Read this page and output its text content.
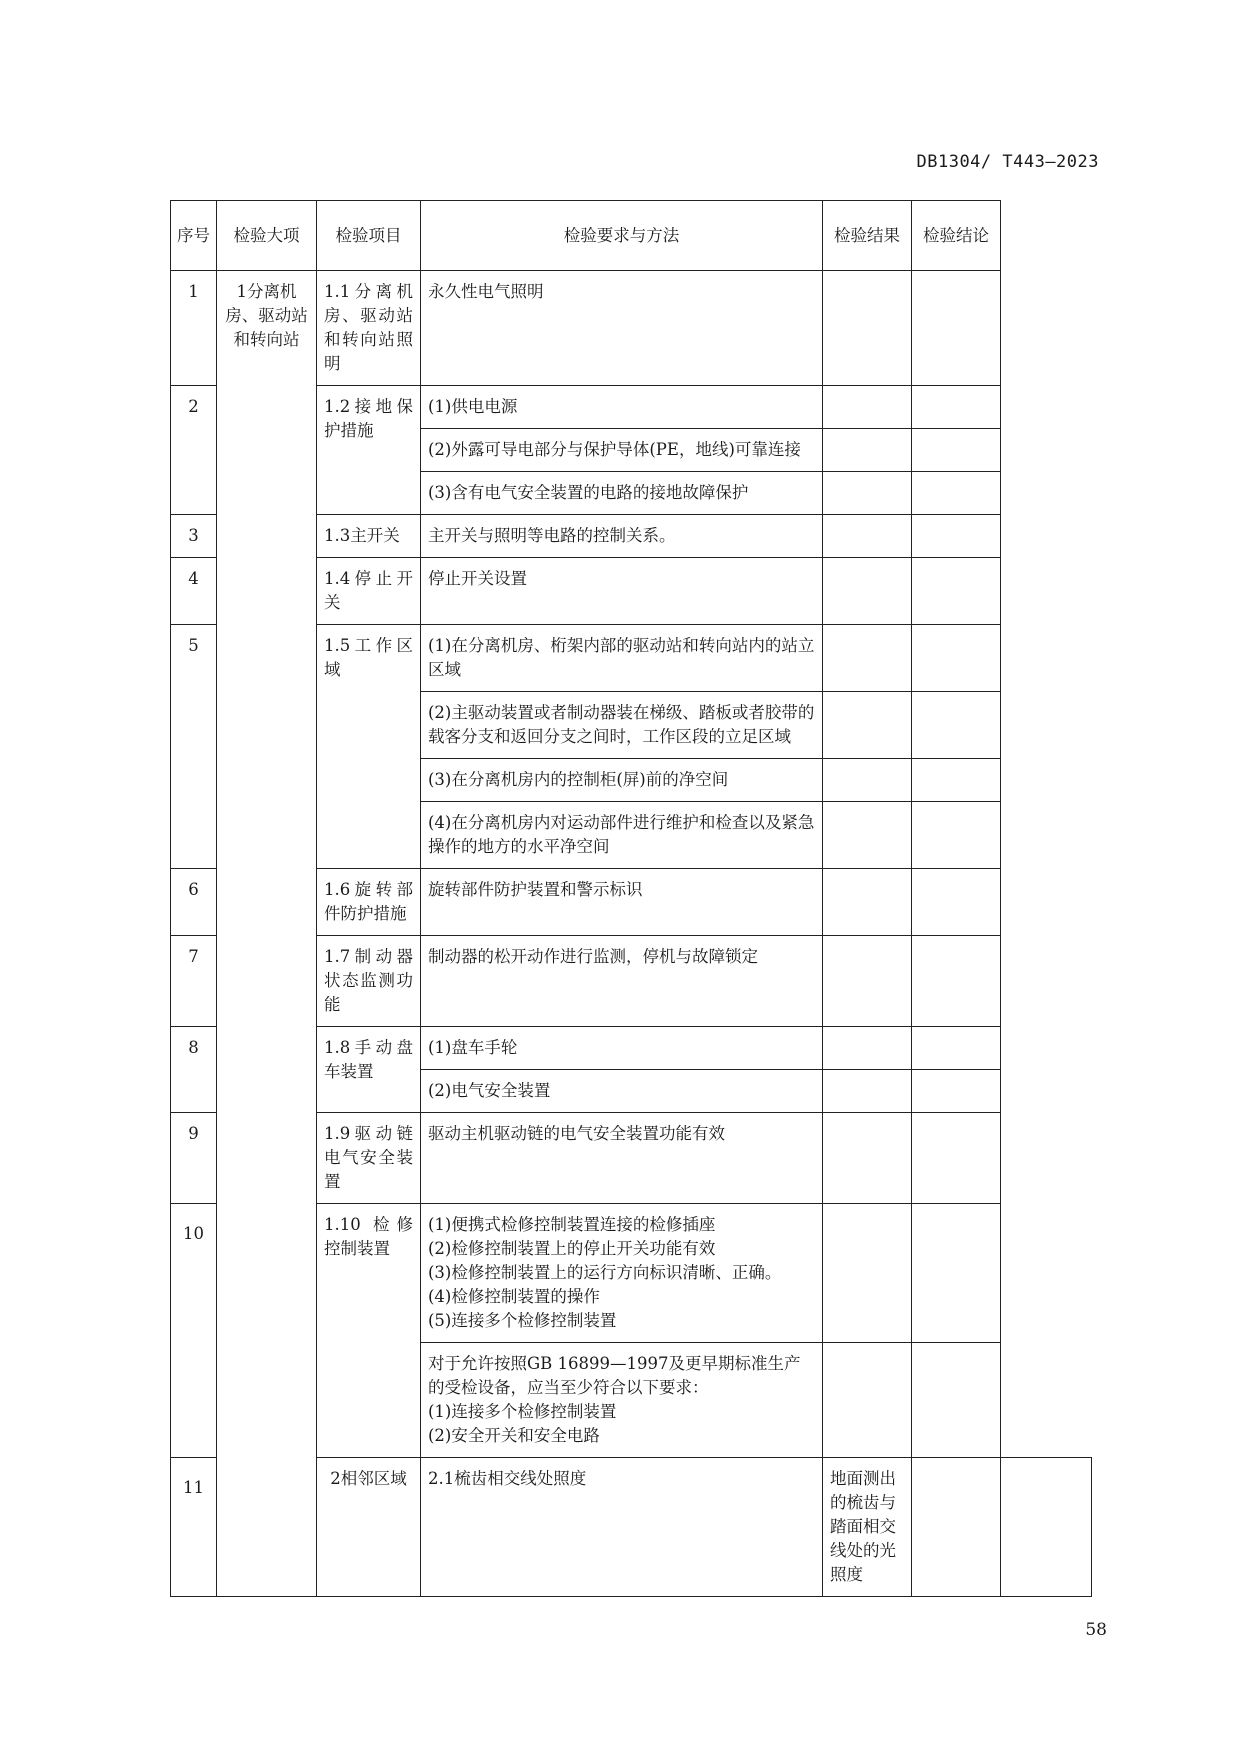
DB1304/ T443—2023
序号	检验大项	检验项目	检验要求与方法	检验结果	检验结论	
1	1分离机房、驱动站和转向站	1.1分离机房、驱动站和转向站照明	永久性电气照明			
2		1.2接地保护措施	(1)供电电源			
			(2)外露可导电部分与保护导体(PE，地线)可靠连接			
			(3)含有电气安全装置的电路的接地故障保护			
3		1.3主开关	主开关与照明等电路的控制关系。			
4		1.4停止开关	停止开关设置			
5		1.5工作区域	(1)在分离机房、桁架内部的驱动站和转向站内的站立区域			
			(2)主驱动装置或者制动器装在梯级、踏板或者胶带的载客分支和返回分支之间时，工作区段的立足区域			
			(3)在分离机房内的控制柜(屏)前的净空间			
			(4)在分离机房内对运动部件进行维护和检查以及紧急操作的地方的水平净空间			
6		1.6旋转部件防护措施	旋转部件防护装置和警示标识			
7		1.7制动器状态监测功能	制动器的松开动作进行监测，停机与故障锁定			
8		1.8手动盘车装置	(1)盘车手轮			
			(2)电气安全装置			
9		1.9驱动链电气安全装置	驱动主机驱动链的电气安全装置功能有效			
10		1.10 检修控制装置	(1)便携式检修控制装置连接的检修插座
(2)检修控制装置上的停止开关功能有效
(3)检修控制装置上的运行方向标识清晰、正确。
(4)检修控制装置的操作
(5)连接多个检修控制装置			

			对于允许按照GB 16899—1997及更早期标准生产的受检设备，应当至少符合以下要求：
(1)连接多个检修控制装置
(2)安全开关和安全电路			

11		2相邻区域	2.1梳齿相交线处照度	地面测出的梳齿与踏面相交线处的光照度		
58
